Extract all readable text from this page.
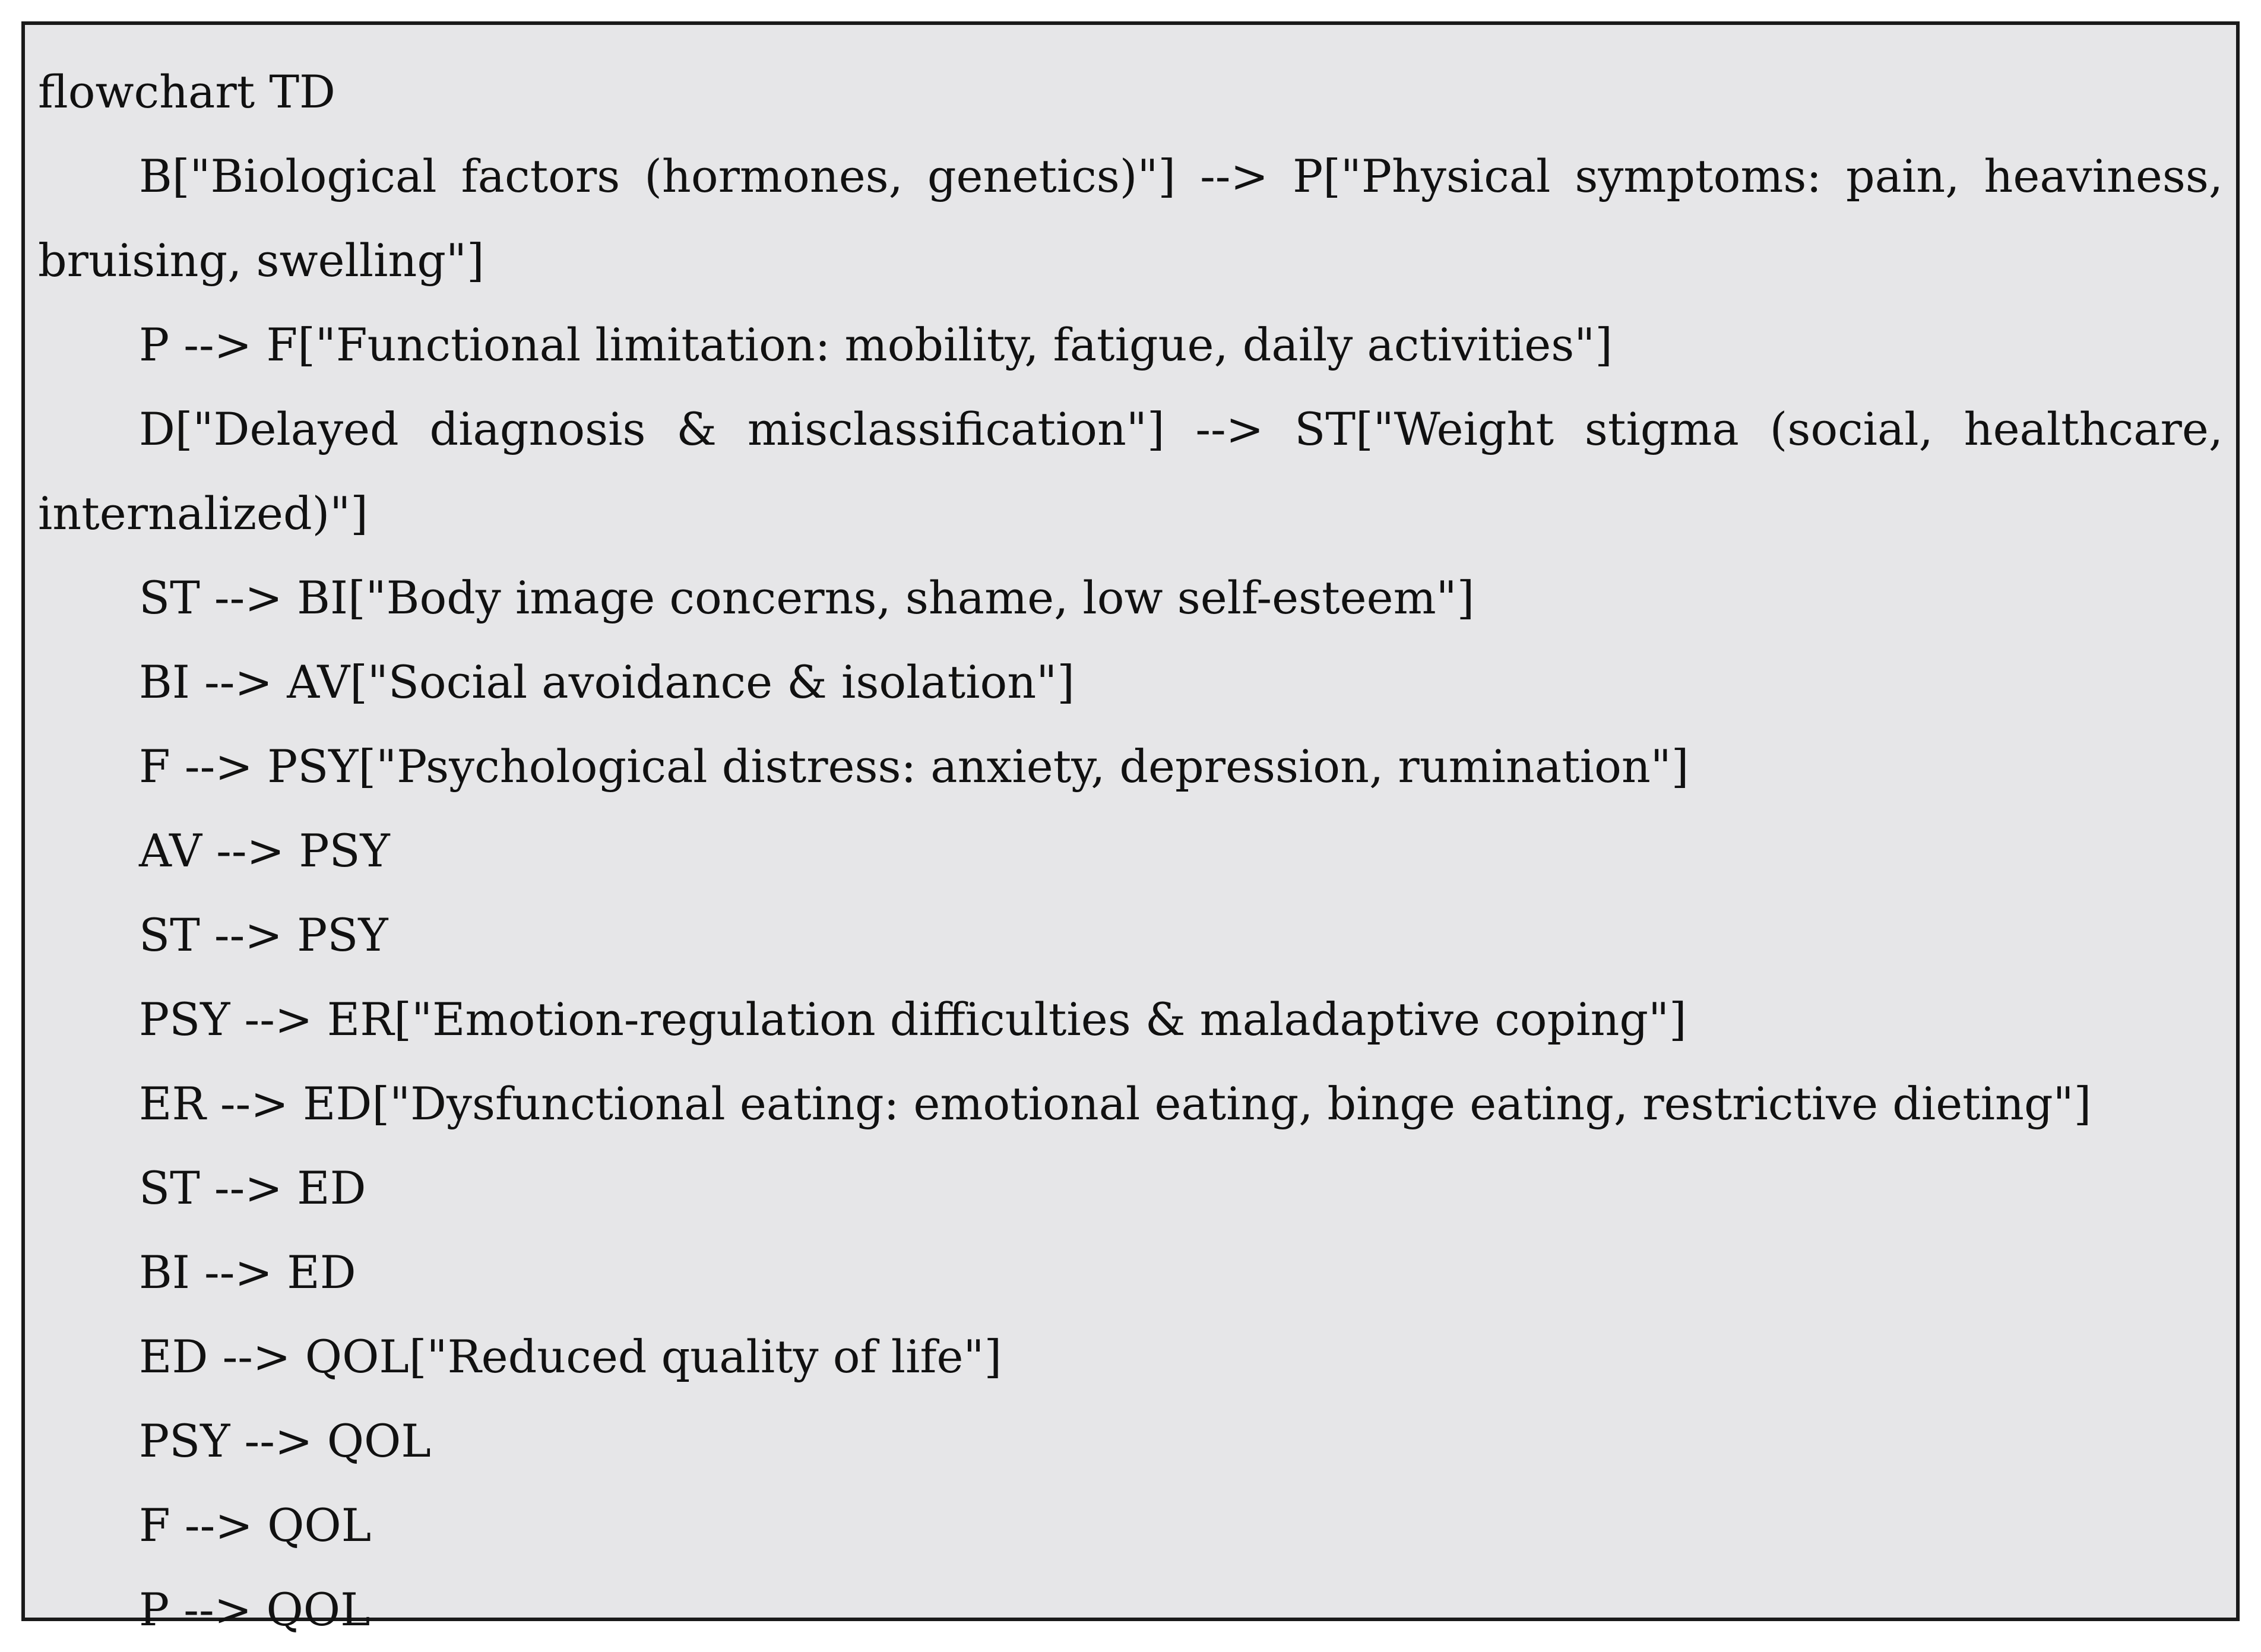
flowchart TD

B["Biological factors (hormones, genetics)"] --> P["Physical symptoms: pain, heaviness, bruising, swelling"]

P --> F["Functional limitation: mobility, fatigue, daily activities"]

D["Delayed diagnosis & misclassification"] --> ST["Weight stigma (social, healthcare, internalized)"]

ST --> BI["Body image concerns, shame, low self-esteem"]

BI --> AV["Social avoidance & isolation"]

F --> PSY["Psychological distress: anxiety, depression, rumination"]

AV --> PSY

ST --> PSY

PSY --> ER["Emotion-regulation difficulties & maladaptive coping"]

ER --> ED["Dysfunctional eating: emotional eating, binge eating, restrictive dieting"]

ST --> ED

BI --> ED

ED --> QOL["Reduced quality of life"]

PSY --> QOL

F --> QOL

P --> QOL
